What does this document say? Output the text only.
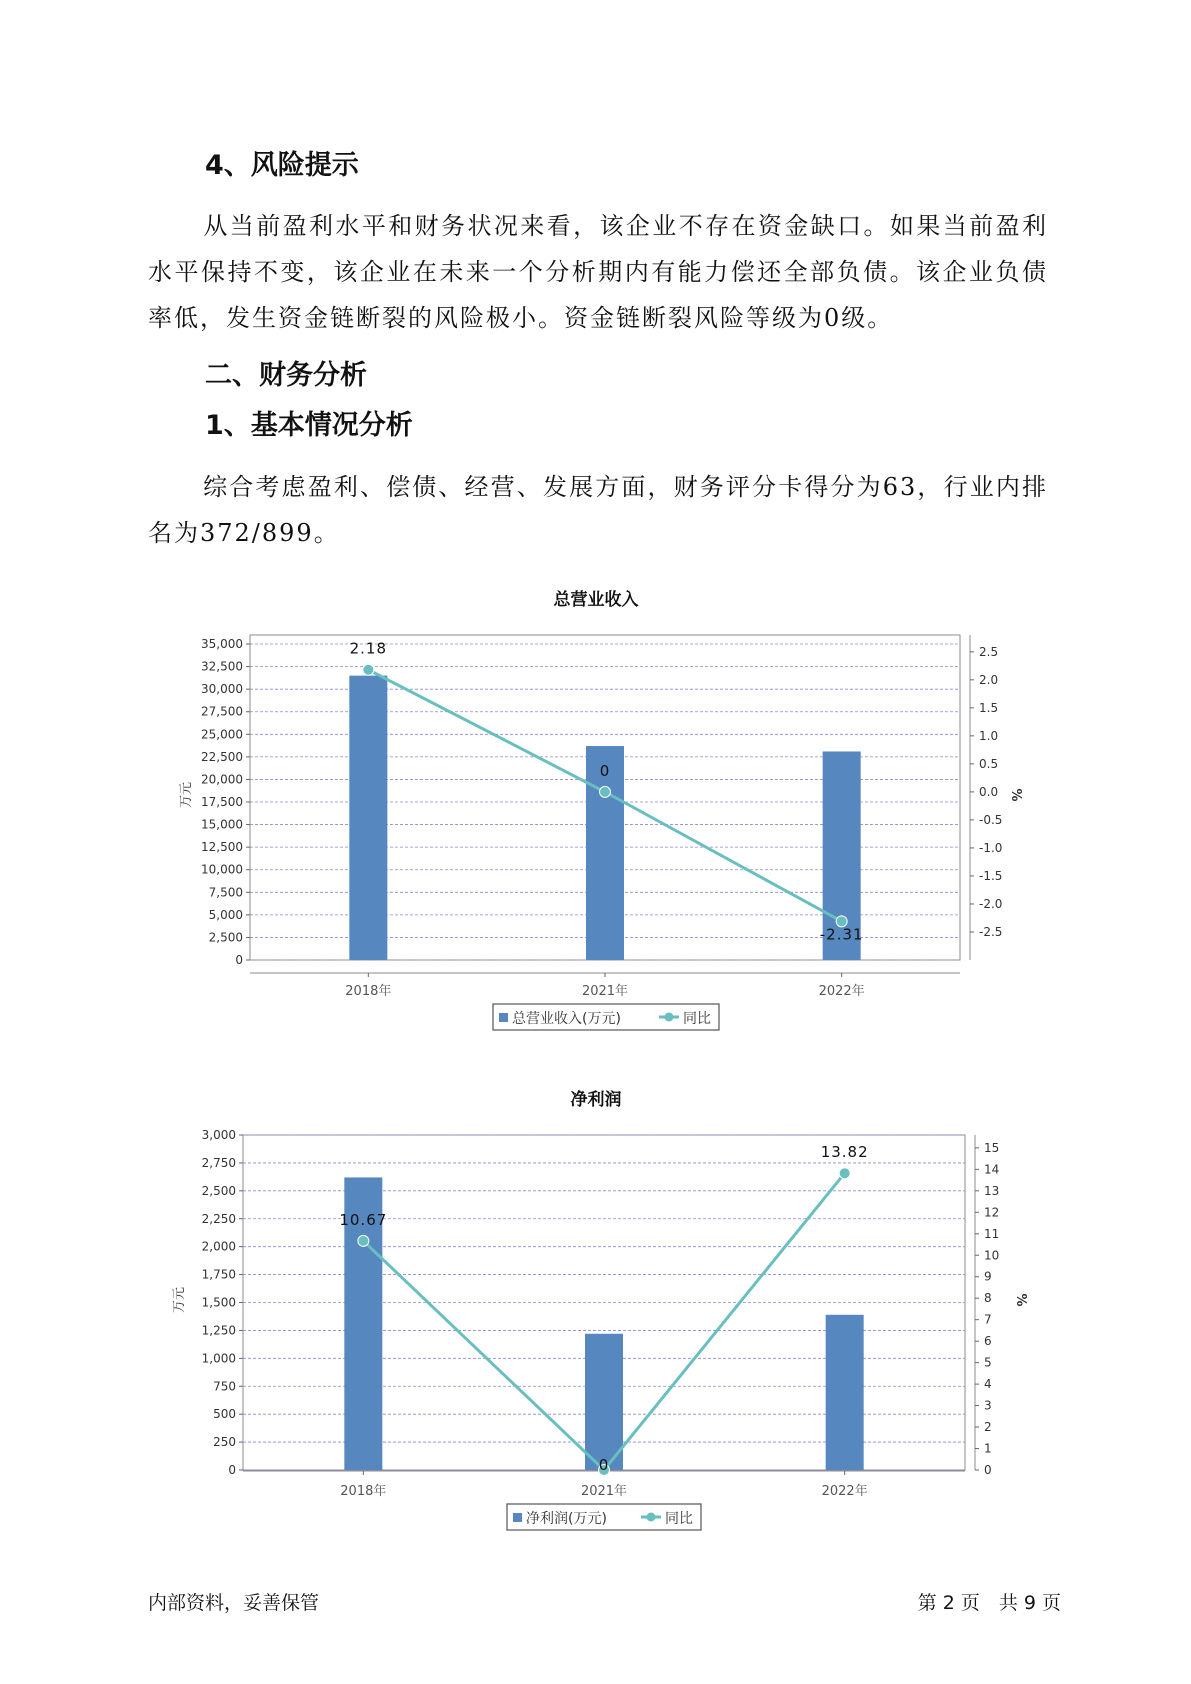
4、风险提示

从当前盈利水平和财务状况来看，该企业不存在资金缺口。如果当前盈利水平保持不变，该企业在未来一个分析期内有能力偿还全部负债。该企业负债率低，发生资金链断裂的风险极小。资金链断裂风险等级为0级。

二、财务分析
1、基本情况分析

综合考虑盈利、偿债、经营、发展方面，财务评分卡得分为63，行业内排名为372/899。

总营业收入
0
2,500
5,000
7,500
10,000
12,500
15,000
17,500
20,000
22,500
25,000
27,500
30,000
32,500
35,000
-2.5
-2.0
-1.5
-1.0
-0.5
0.0
0.5
1.0
1.5
2.0
2.5
万元	%
2018年	2021年	2022年
2.18
0
-2.31
总营业收入(万元)	同比
净利润
0
250
500
750
1,000
1,250
1,500
1,750
2,000
2,250
2,500
2,750
3,000
0
1
2
3
4
5
6
7
8
9
10
11
12
13
14
15
万元	%
2018年	2021年	2022年
10.67
0
13.82
净利润(万元)	同比
内部资料，妥善保管	第 2 页　共 9 页
